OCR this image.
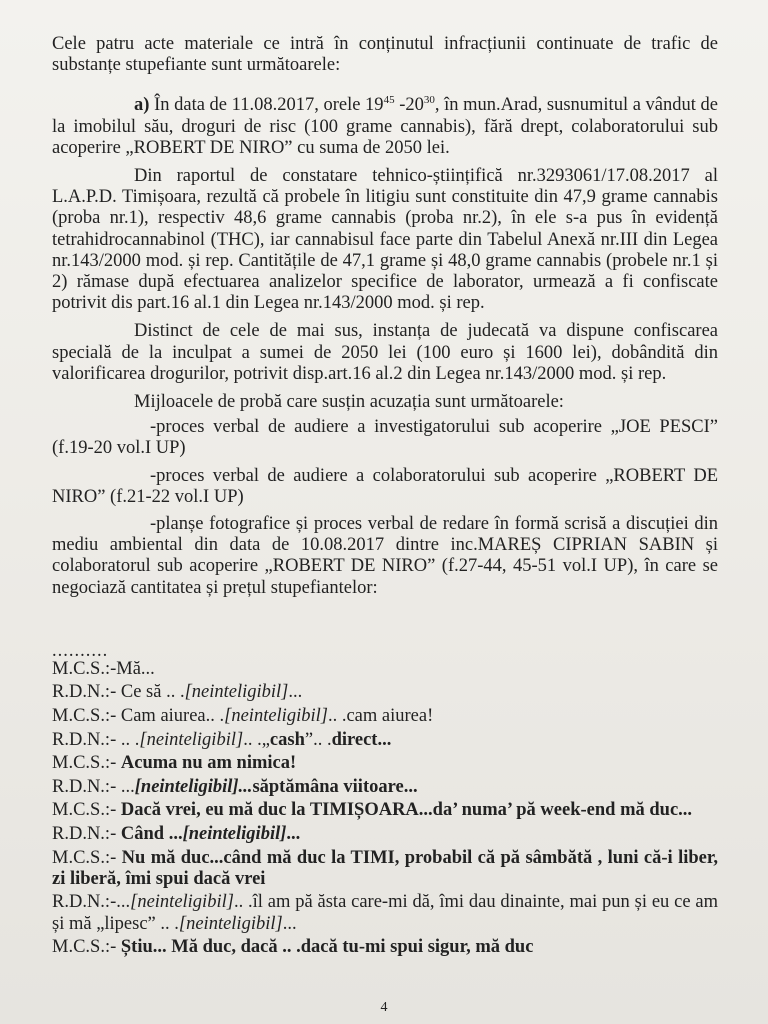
Cele patru acte materiale ce intră în conținutul infracțiunii continuate de trafic de substanțe stupefiante sunt următoarele:

a) În data de 11.08.2017, orele $19^{45}$ $-20^{30}$, în mun.Arad, susnumitul a vândut de la imobilul său, droguri de risc (100 grame cannabis), fără drept, colaboratorului sub acoperire „ROBERT DE NIRO” cu suma de 2050 lei.

Din raportul de constatare tehnico-științifică nr.3293061/17.08.2017 al L.A.P.D. Timișoara, rezultă că probele în litigiu sunt constituite din 47,9 grame cannabis (proba nr.1), respectiv 48,6 grame cannabis (proba nr.2), în ele s-a pus în evidență tetrahidrocannabinol (THC), iar cannabisul face parte din Tabelul Anexă nr.III din Legea nr.143/2000 mod. și rep. Cantitățile de 47,1 grame și 48,0 grame cannabis (probele nr.1 și 2) rămase după efectuarea analizelor specifice de laborator, urmează a fi confiscate potrivit dis part.16 al.1 din Legea nr.143/2000 mod. și rep.

Distinct de cele de mai sus, instanța de judecată va dispune confiscarea specială de la inculpat a sumei de 2050 lei (100 euro și 1600 lei), dobândită din valorificarea drogurilor, potrivit disp.art.16 al.2 din Legea nr.143/2000 mod. și rep.

Mijloacele de probă care susțin acuzația sunt următoarele:

-proces verbal de audiere a investigatorului sub acoperire „JOE PESCI” (f.19-20 vol.I UP)

-proces verbal de audiere a colaboratorului sub acoperire „ROBERT DE NIRO” (f.21-22 vol.I UP)

-planșe fotografice și proces verbal de redare în formă scrisă a discuției din mediu ambiental din data de 10.08.2017 dintre inc.MAREȘ CIPRIAN SABIN și colaboratorul sub acoperire „ROBERT DE NIRO” (f.27-44, 45-51 vol.I UP), în care se negociază cantitatea și prețul stupefiantelor:

..........

M.C.S.:-Mă...

R.D.N.:- Ce să .. .[neinteligibil]...

M.C.S.:- Cam aiurea.. .[neinteligibil].. .cam aiurea!

R.D.N.:- .. .[neinteligibil].. .„cash”.. .direct...

M.C.S.:- Acuma nu am nimica!

R.D.N.:- ...[neinteligibil]...săptămâna viitoare...

M.C.S.:- Dacă vrei, eu mă duc la TIMIȘOARA...da’ numa’ pă week-end mă duc...

R.D.N.:- Când ...[neinteligibil]...

M.C.S.:- Nu mă duc...când mă duc la TIMI, probabil că pă sâmbătă , luni că-i liber, zi liberă, îmi spui dacă vrei

R.D.N.:-...[neinteligibil].. .îl am pă ăsta care-mi dă, îmi dau dinainte, mai pun și eu ce am și mă „lipesc” .. .[neinteligibil]...

M.C.S.:- Știu... Mă duc, dacă .. .dacă tu-mi spui sigur, mă duc

4
